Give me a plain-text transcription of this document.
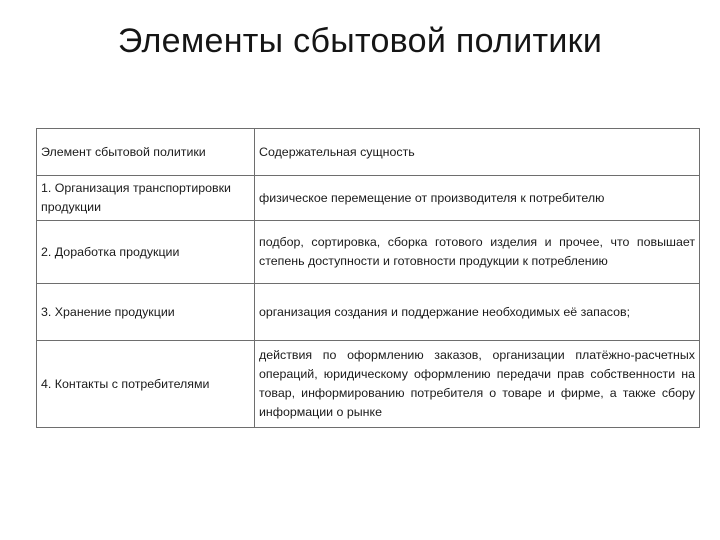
Элементы сбытовой политики
Элемент сбытовой политики	Содержательная сущность
1. Организация транспортировки продукции	физическое перемещение от производителя к потребителю
2. Доработка продукции	подбор, сортировка, сборка готового изделия и прочее, что повышает степень доступности и готовности продукции к потреблению
3. Хранение продукции	организация создания и поддержание необходимых её запасов;
4. Контакты с потребителями	действия по оформлению заказов, организации платёжно-расчетных операций, юридическому оформлению передачи прав собственности на товар, информированию потребителя о товаре и фирме, а также сбору информации о рынке
